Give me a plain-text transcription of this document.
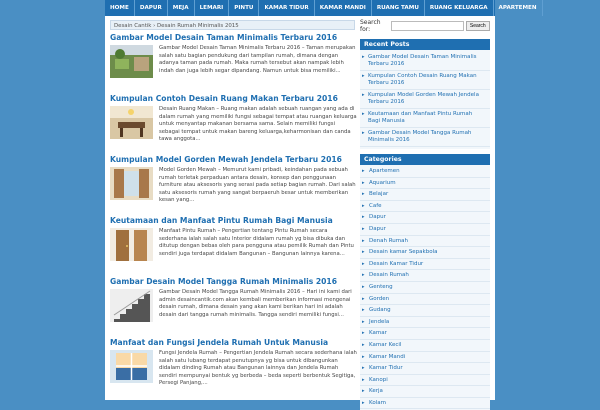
HOME	DAPUR	MEJA	LEMARI	PINTU	KAMAR TIDUR	KAMAR MANDI	RUANG TAMU	RUANG KELUARGA	APARTEMEN
Desain Cantik › Desain Rumah Minimalis 2015
Gambar Model Desain Taman Minimalis Terbaru 2016

Gambar Model Desain Taman Minimalis Terbaru 2016 – Taman merupakan salah satu bagian pendukung dari tampilan rumah, dimana dengan adanya taman pada rumah. Maka rumah tersebut akan nampak lebih indah dan juga lebih segar dipandang. Namun untuk bisa memiliki...

Kumpulan Contoh Desain Ruang Makan Terbaru 2016

Desain Ruang Makan – Ruang makan adalah sebuah ruangan yang ada di dalam rumah yang memiliki fungsi sebagai tempat atau ruangan keluarga untuk menyantap makanan bersama sama. Selain memiliki fungsi sebagai tempat untuk makan bareng keluarga,keharmonisan dan canda tawa anggota...

Kumpulan Model Gorden Mewah Jendela Terbaru 2016

Model Gorden Mewah – Memurut kami pribadi, keindahan pada sebuah rumah terletak perpaduan antara desain, konsep dan penggunaan furniture atau aksesoris yang serasi pada setiap bagian rumah. Dari salah satu aksesoris rumah yang sangat berpaeruh besar untuk memberikan kesan yang...

Keutamaan dan Manfaat Pintu Rumah Bagi Manusia

Manfaat Pintu Rumah – Pengertian tentang Pintu Rumah secara sederhana ialah salah satu Interior didalam rumah yg bisa dibuka dan ditutup dengan bebas oleh para pengguna atau pemilik Rumah dan Pintu sendiri juga terdapat didalam Bangunan – Bangunan lainnya karena...

Gambar Desain Model Tangga Rumah Minimalis 2016

Gambar Desain Model Tangga Rumah Minimalis 2016 – Hari ini kami dari admin desaincantik.com akan kembali memberikan informasi mengenai desain rumah, dimana desain yang akan kami berikan hari ini adalah desain dari tangga rumah minimalis. Tangga sendiri memiliki fungsi...

Manfaat dan Fungsi Jendela Rumah Untuk Manusia

Fungsi Jendela Rumah – Pengertian Jendela Rumah secara sederhana ialah salah satu lubang terdapat penutupnya yg bisa untuk dibangunkan didalam dinding Rumah atau Bangunan lainnya dan Jendela Rumah sendiri mempunyai bentuk yg berbeda – beda seperti berbentuk Segitiga, Persegi Panjang,...

Search for:	Search
Recent Posts
▸ Gambar Model Desain Taman Minimalis Terbaru 2016
▸ Kumpulan Contoh Desain Ruang Makan Terbaru 2016
▸ Kumpulan Model Gorden Mewah Jendela Terbaru 2016
▸ Keutamaan dan Manfaat Pintu Rumah Bagi Manusia
▸ Gambar Desain Model Tangga Rumah Minimalis 2016
Categories
▸ Apartemen
▸ Aquarium
▸ Belajar
▸ Cafe
▸ Dapur
▸ Dapur
▸ Denah Rumah
▸ Desain kamar Sepakbola
▸ Desain Kamar Tidur
▸ Desain Rumah
▸ Genteng
▸ Gorden
▸ Gudang
▸ Jendela
▸ Kamar
▸ Kamar Kecil
▸ Kamar Mandi
▸ Kamar Tidur
▸ Kanopi
▸ Kerja
▸ Kolam
